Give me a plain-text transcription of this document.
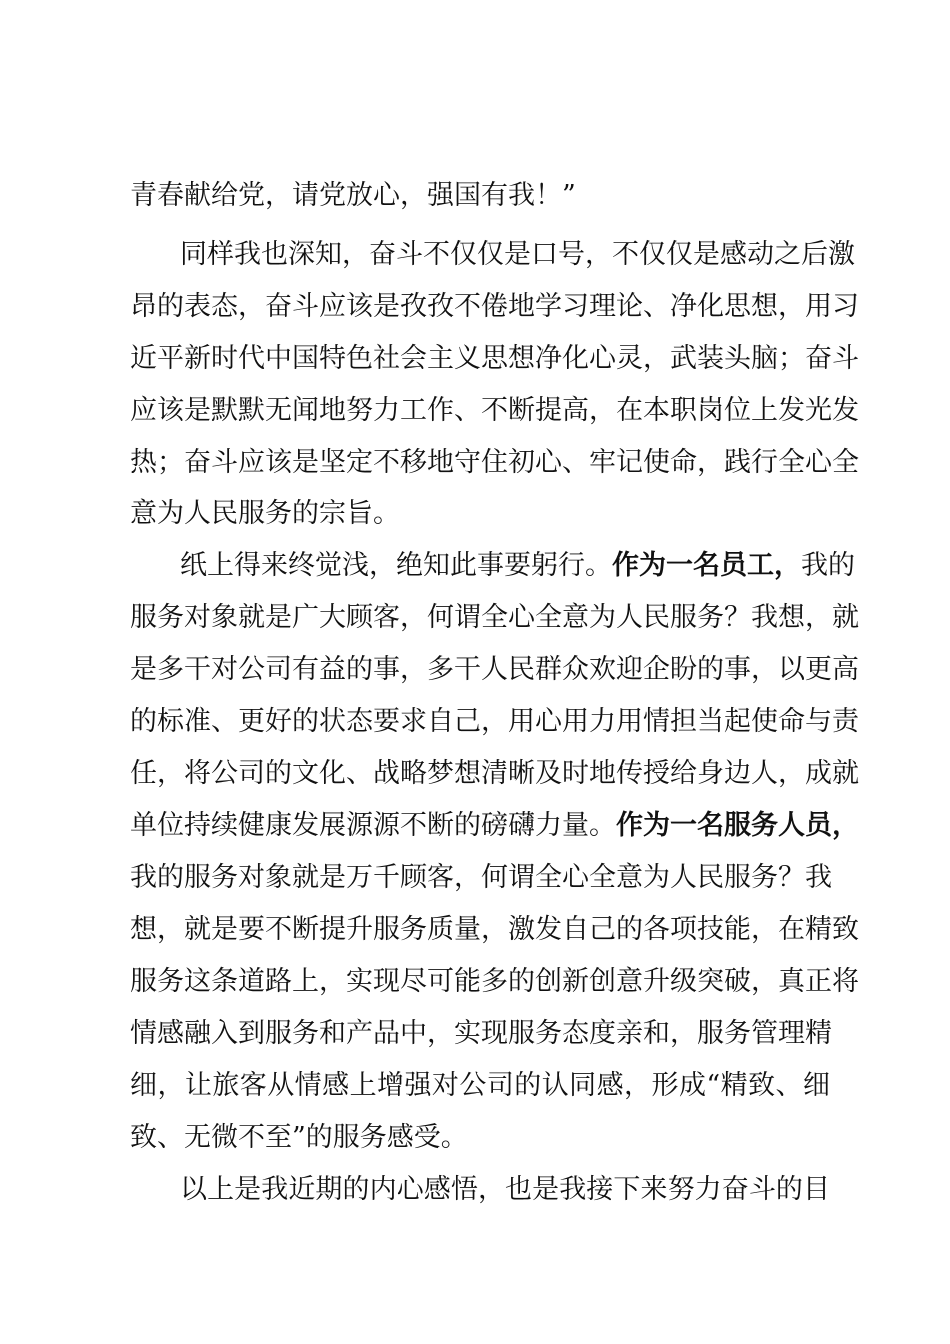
青春献给党，请党放心，强国有我！”
同样我也深知，奋斗不仅仅是口号，不仅仅是感动之后激
昂的表态，奋斗应该是孜孜不倦地学习理论、净化思想，用习
近平新时代中国特色社会主义思想净化心灵，武装头脑；奋斗
应该是默默无闻地努力工作、不断提高，在本职岗位上发光发
热；奋斗应该是坚定不移地守住初心、牢记使命，践行全心全
意为人民服务的宗旨。
纸上得来终觉浅，绝知此事要躬行。作为一名员工，我的
服务对象就是广大顾客，何谓全心全意为人民服务？我想，就
是多干对公司有益的事，多干人民群众欢迎企盼的事，以更高
的标准、更好的状态要求自己，用心用力用情担当起使命与责
任，将公司的文化、战略梦想清晰及时地传授给身边人，成就
单位持续健康发展源源不断的磅礴力量。作为一名服务人员，
我的服务对象就是万千顾客，何谓全心全意为人民服务？我
想，就是要不断提升服务质量，激发自己的各项技能，在精致
服务这条道路上，实现尽可能多的创新创意升级突破，真正将
情感融入到服务和产品中，实现服务态度亲和，服务管理精
细，让旅客从情感上增强对公司的认同感，形成“精致、细
致、无微不至”的服务感受。
以上是我近期的内心感悟，也是我接下来努力奋斗的目
